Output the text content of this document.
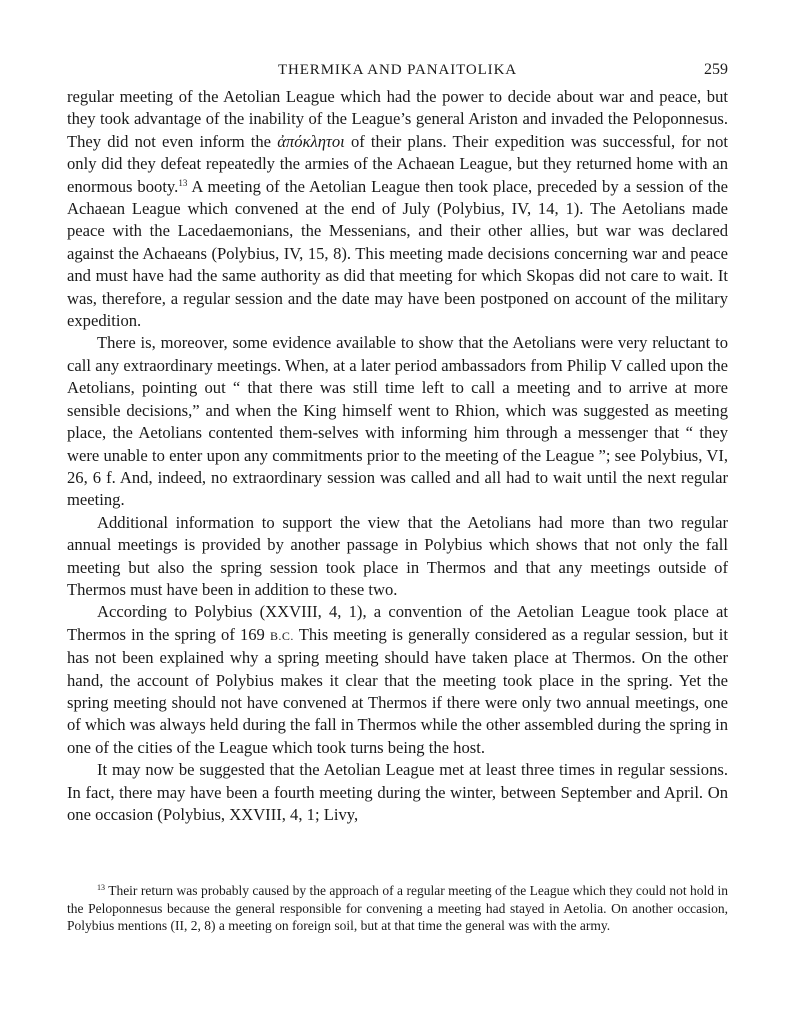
THERMIKA AND PANAITOLIKA	259

regular meeting of the Aetolian League which had the power to decide about war and peace, but they took advantage of the inability of the League’s general Ariston and invaded the Peloponnesus. They did not even inform the ἀπόκλητοι of their plans. Their expedition was successful, for not only did they defeat repeatedly the armies of the Achaean League, but they returned home with an enormous booty.$^{13}$ A meeting of the Aetolian League then took place, preceded by a session of the Achaean League which convened at the end of July (Polybius, IV, 14, 1). The Aetolians made peace with the Lacedaemonians, the Messenians, and their other allies, but war was declared against the Achaeans (Polybius, IV, 15, 8). This meeting made decisions concerning war and peace and must have had the same authority as did that meeting for which Skopas did not care to wait. It was, therefore, a regular session and the date may have been postponed on account of the military expedition.

There is, moreover, some evidence available to show that the Aetolians were very reluctant to call any extraordinary meetings. When, at a later period ambassadors from Philip V called upon the Aetolians, pointing out “ that there was still time left to call a meeting and to arrive at more sensible decisions,” and when the King himself went to Rhion, which was suggested as meeting place, the Aetolians contented them-selves with informing him through a messenger that “ they were unable to enter upon any commitments prior to the meeting of the League ”; see Polybius, VI, 26, 6 f. And, indeed, no extraordinary session was called and all had to wait until the next regular meeting.

Additional information to support the view that the Aetolians had more than two regular annual meetings is provided by another passage in Polybius which shows that not only the fall meeting but also the spring session took place in Thermos and that any meetings outside of Thermos must have been in addition to these two.

According to Polybius (XXVIII, 4, 1), a convention of the Aetolian League took place at Thermos in the spring of 169 B.C. This meeting is generally considered as a regular session, but it has not been explained why a spring meeting should have taken place at Thermos. On the other hand, the account of Polybius makes it clear that the meeting took place in the spring. Yet the spring meeting should not have convened at Thermos if there were only two annual meetings, one of which was always held during the fall in Thermos while the other assembled during the spring in one of the cities of the League which took turns being the host.

It may now be suggested that the Aetolian League met at least three times in regular sessions. In fact, there may have been a fourth meeting during the winter, between September and April. On one occasion (Polybius, XXVIII, 4, 1; Livy,

$^{13}$ Their return was probably caused by the approach of a regular meeting of the League which they could not hold in the Peloponnesus because the general responsible for convening a meeting had stayed in Aetolia. On another occasion, Polybius mentions (II, 2, 8) a meeting on foreign soil, but at that time the general was with the army.
